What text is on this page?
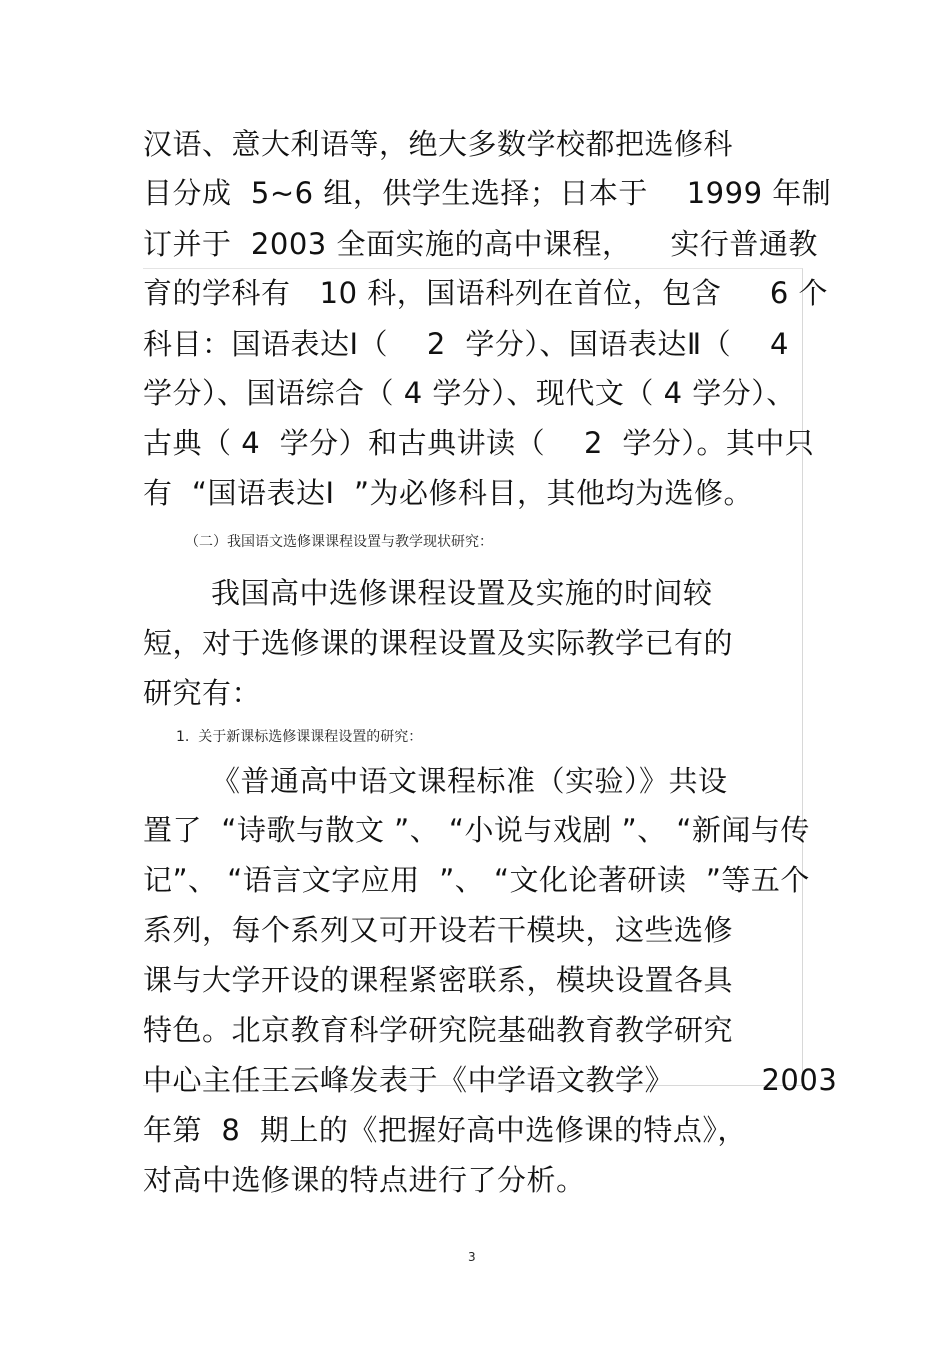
汉语、意大利语等，绝大多数学校都把选修科
目分成  5~6 组，供学生选择；日本于    1999 年制
订并于  2003 全面实施的高中课程，    实行普通教
育的学科有   10 科，国语科列在首位，包含     6 个
科目：国语表达Ⅰ（    2  学分）、国语表达Ⅱ（    4
学分）、国语综合（ 4 学分）、现代文（ 4 学分）、
古典（ 4  学分）和古典讲读（    2  学分）。其中只
有  “国语表达Ⅰ  ”为必修科目，其他均为选修。
（二）我国语文选修课课程设置与教学现状研究：
我国高中选修课程设置及实施的时间较
短，对于选修课的课程设置及实际教学已有的
研究有：
1.  关于新课标选修课课程设置的研究：
《普通高中语文课程标准（实验）》共设
置了  “诗歌与散文 ”、 “小说与戏剧 ”、 “新闻与传
记”、 “语言文字应用  ”、 “文化论著研读  ”等五个
系列，每个系列又可开设若干模块，这些选修
课与大学开设的课程紧密联系，模块设置各具
特色。北京教育科学研究院基础教育教学研究
中心主任王云峰发表于《中学语文教学》         2003
年第  8  期上的《把握好高中选修课的特点》，
对高中选修课的特点进行了分析。
3
